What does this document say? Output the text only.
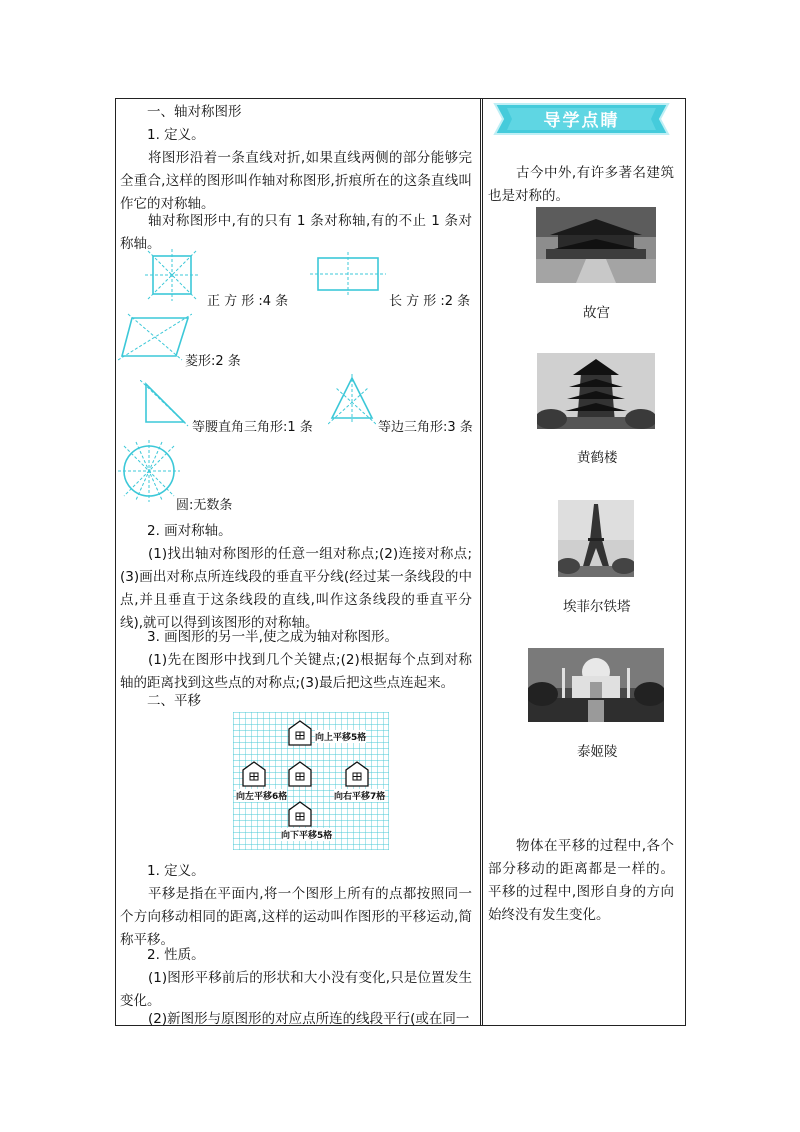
一、轴对称图形
1. 定义。
将图形沿着一条直线对折,如果直线两侧的部分能够完全重合,这样的图形叫作轴对称图形,折痕所在的这条直线叫作它的对称轴。
轴对称图形中,有的只有 1 条对称轴,有的不止 1 条对称轴。
正 方 形 :4 条	长 方 形 :2 条
菱形:2 条
等腰直角三角形:1 条	等边三角形:3 条
圆:无数条
2. 画对称轴。
(1)找出轴对称图形的任意一组对称点;(2)连接对称点;(3)画出对称点所连线段的垂直平分线(经过某一条线段的中点,并且垂直于这条线段的直线,叫作这条线段的垂直平分线),就可以得到该图形的对称轴。
3. 画图形的另一半,使之成为轴对称图形。
(1)先在图形中找到几个关键点;(2)根据每个点到对称轴的距离找到这些点的对称点;(3)最后把这些点连起来。
二、平移
向上平移5格
向左平移6格	向右平移7格
向下平移5格
1. 定义。
平移是指在平面内,将一个图形上所有的点都按照同一个方向移动相同的距离,这样的运动叫作图形的平移运动,简称平移。
2. 性质。
(1)图形平移前后的形状和大小没有变化,只是位置发生变化。
(2)新图形与原图形的对应点所连的线段平行(或在同一
导学点睛
古今中外,有许多著名建筑也是对称的。
故宫
黄鹤楼
埃菲尔铁塔
泰姬陵
物体在平移的过程中,各个部分移动的距离都是一样的。平移的过程中,图形自身的方向始终没有发生变化。
